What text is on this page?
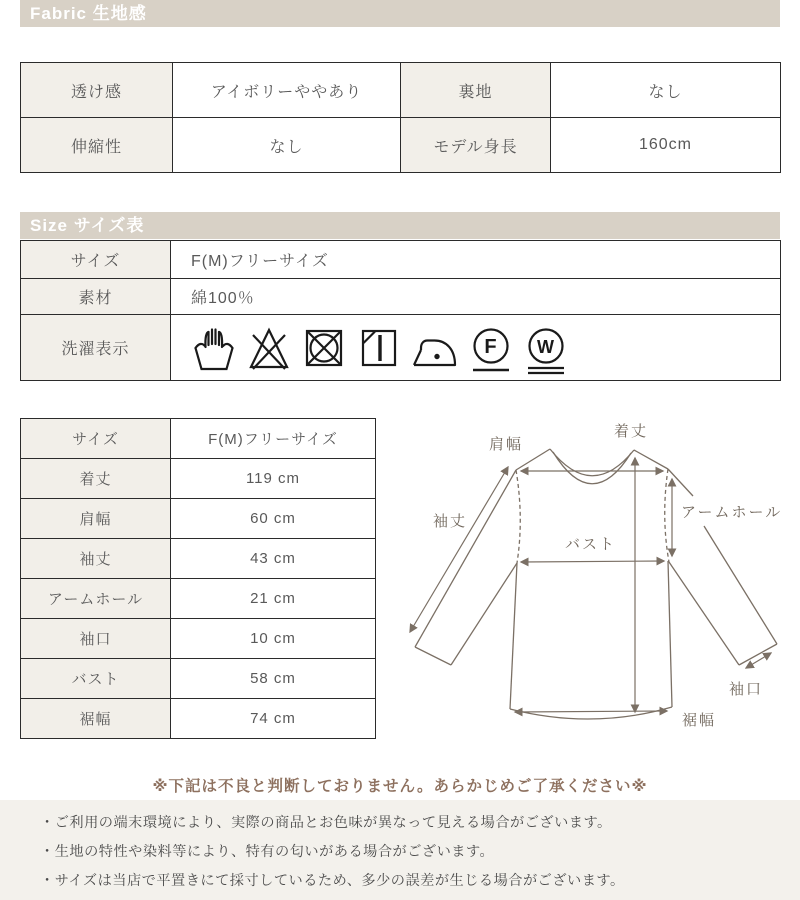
Fabric 生地感
透け感	アイボリーややあり	裏地	なし
伸縮性	なし	モデル身長	160cm
Size サイズ表
サイズ	F(M)フリーサイズ
素材	綿100％
洗濯表示	F W
サイズ	F(M)フリーサイズ
着丈	119 cm
肩幅	60 cm
袖丈	43 cm
アームホール	21 cm
袖口	10 cm
バスト	58 cm
裾幅	74 cm
着丈
肩幅
袖丈
バスト
アームホール
袖口
裾幅
※下記は不良と判断しておりません。あらかじめご了承ください※
・ご利用の端末環境により、実際の商品とお色味が異なって見える場合がございます。
・生地の特性や染料等により、特有の匂いがある場合がございます。
・サイズは当店で平置きにて採寸しているため、多少の誤差が生じる場合がございます。
